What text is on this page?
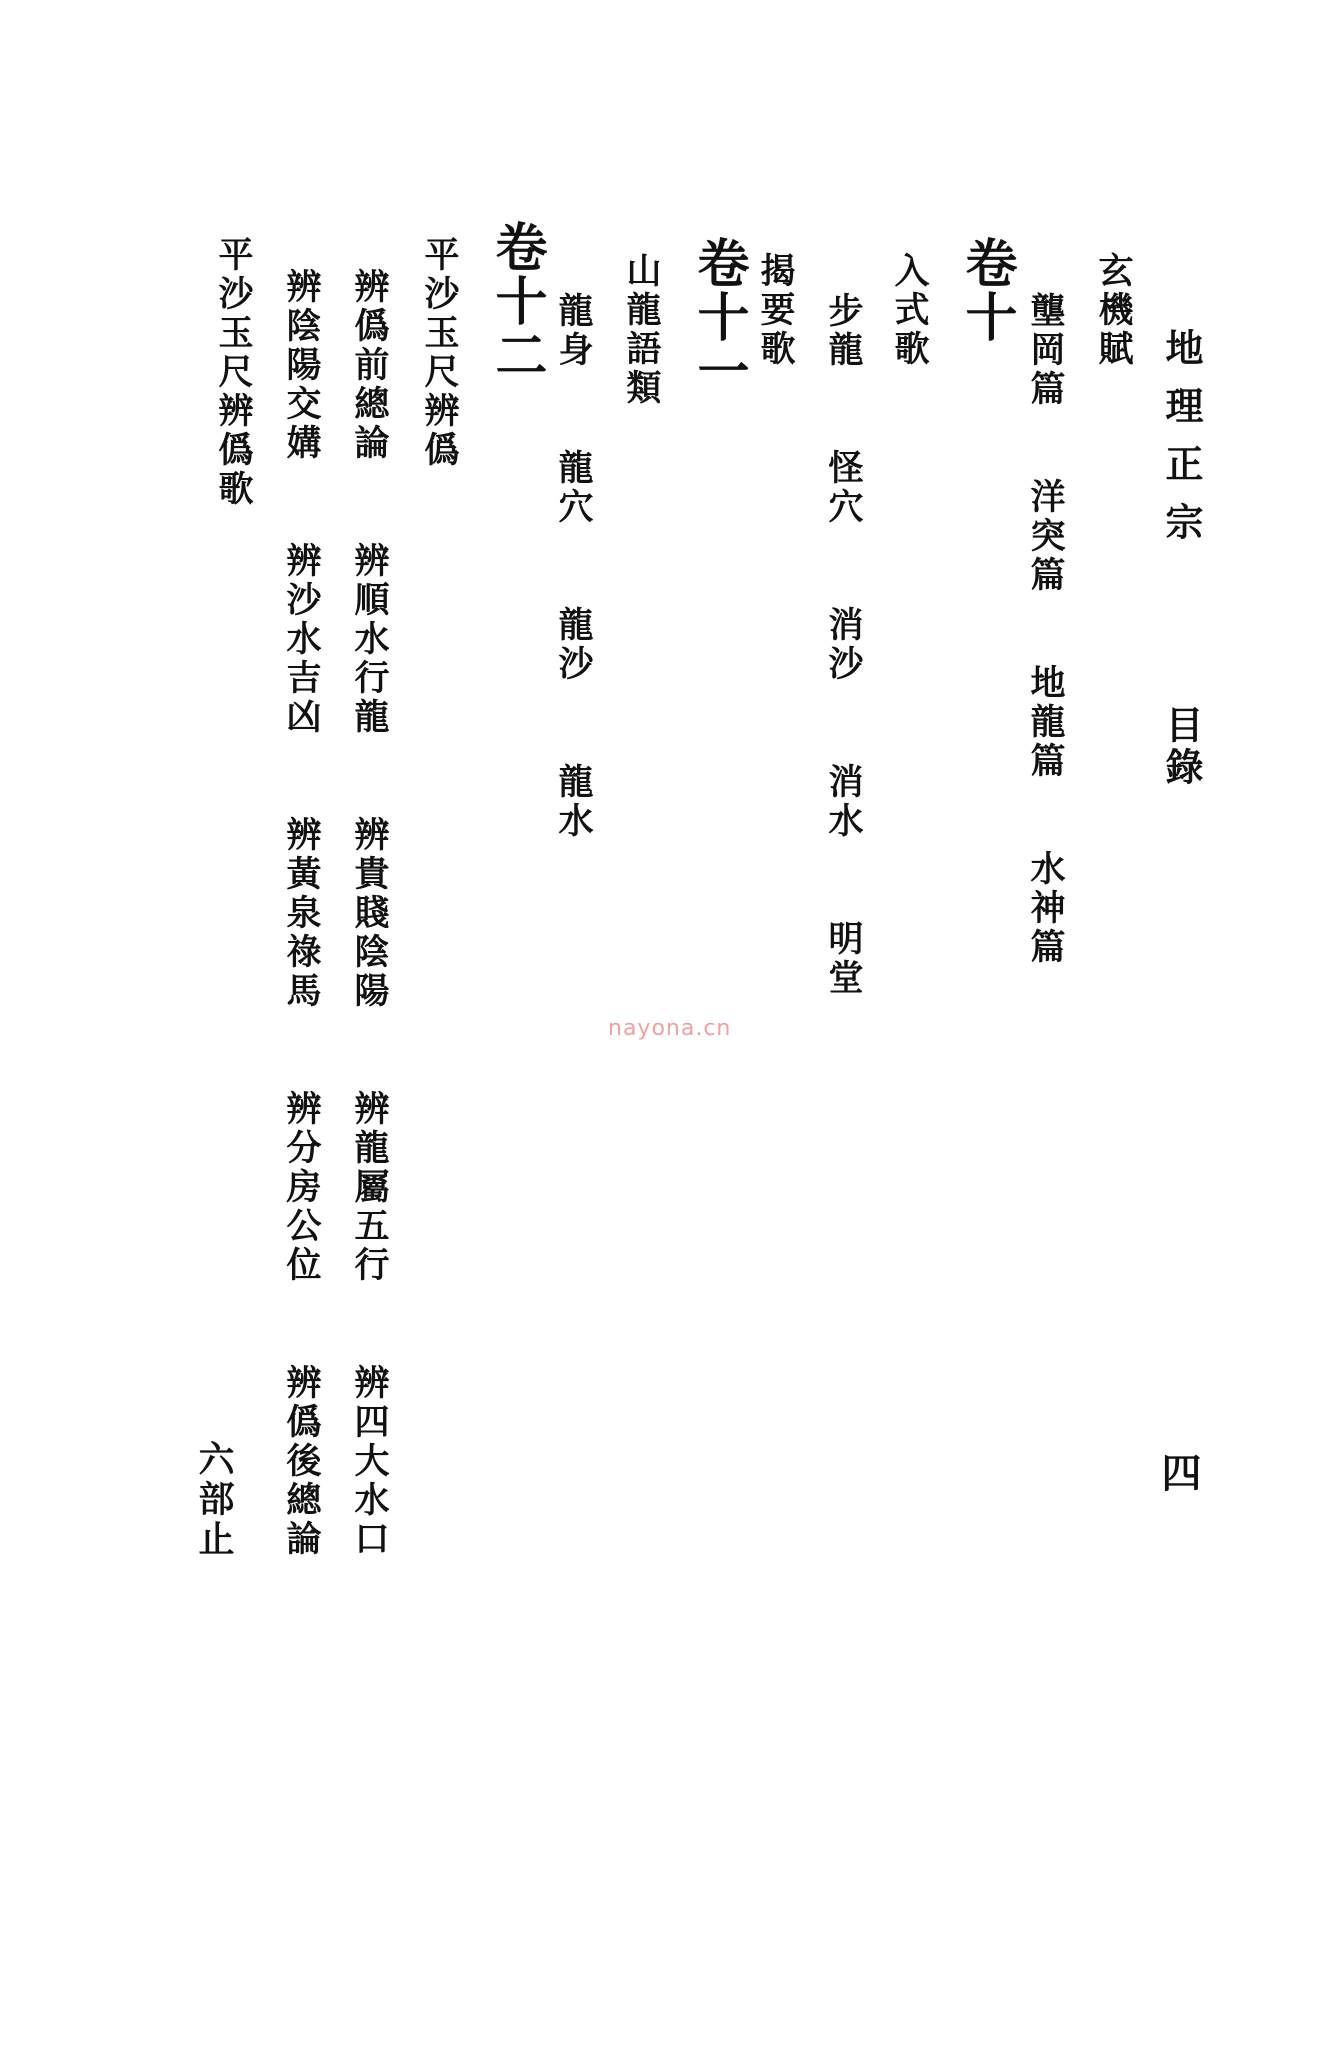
地理正宗 目錄
四
玄機賦
壟岡篇 洋突篇 地龍篇 水神篇
卷十
入式歌
步龍 怪穴 消沙 消水 明堂
揭要歌
卷十一
山龍語類
龍身 龍穴 龍沙 龍水
卷十二
平沙玉尺辨僞
辨僞前總論 辨順水行龍 辨貴賤陰陽 辨龍屬五行 辨四大水口
辨陰陽交媾 辨沙水吉凶 辨黃泉祿馬 辨分房公位 辨僞後總論
平沙玉尺辨僞歌
六部止
nayona.cn
